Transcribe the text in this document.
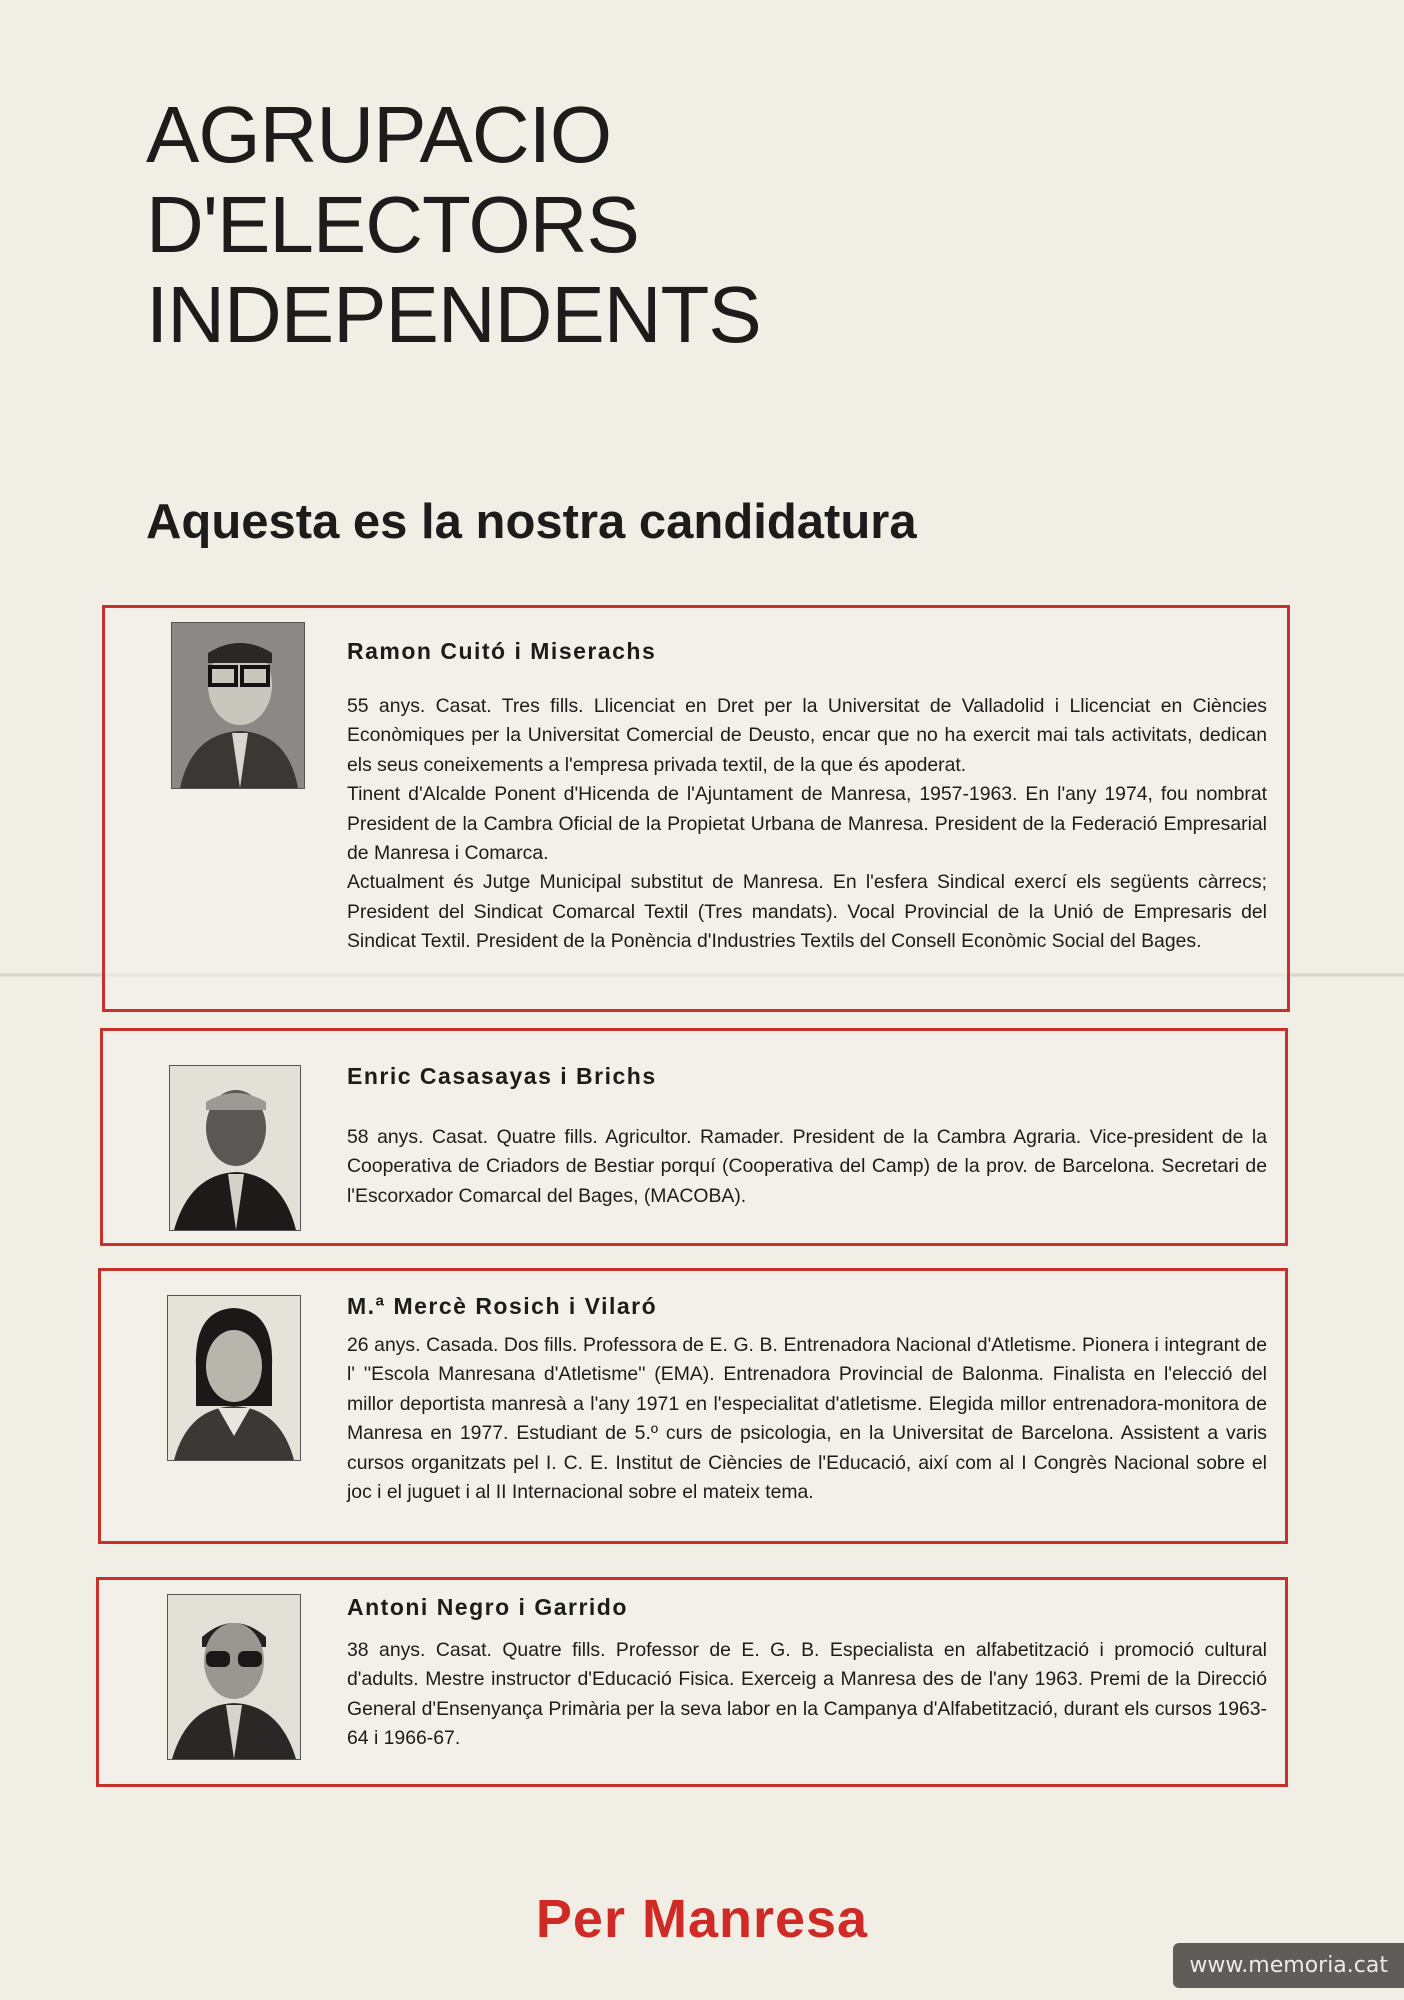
AGRUPACIO
D'ELECTORS
INDEPENDENTS
Aquesta es la nostra candidatura
Ramon Cuitó i Miserachs

55 anys. Casat. Tres fills. Llicenciat en Dret per la Universitat de Valladolid i Llicenciat en Ciències Econòmiques per la Universitat Comercial de Deusto, encar que no ha exercit mai tals activitats, dedican els seus coneixements a l'empresa privada textil, de la que és apoderat.

Tinent d'Alcalde Ponent d'Hicenda de l'Ajuntament de Manresa, 1957-1963. En l'any 1974, fou nombrat President de la Cambra Oficial de la Propietat Urbana de Manresa. President de la Federació Empresarial de Manresa i Comarca.

Actualment és Jutge Municipal substitut de Manresa. En l'esfera Sindical exercí els següents càrrecs; President del Sindicat Comarcal Textil (Tres mandats). Vocal Provincial de la Unió de Empresaris del Sindicat Textil. President de la Ponència d'Industries Textils del Consell Econòmic Social del Bages.

Enric Casasayas i Brichs

58 anys. Casat. Quatre fills. Agricultor. Ramader. President de la Cambra Agraria. Vice-president de la Cooperativa de Criadors de Bestiar porquí (Cooperativa del Camp) de la prov. de Barcelona. Secretari de l'Escorxador Comarcal del Bages, (MACOBA).

M.ª Mercè Rosich i Vilaró

26 anys. Casada. Dos fills. Professora de E. G. B. Entrenadora Nacional d'Atletisme. Pionera i integrant de l' ''Escola Manresana d'Atletisme'' (EMA). Entrenadora Provincial de Balonma. Finalista en l'elecció del millor deportista manresà a l'any 1971 en l'especialitat d'atletisme. Elegida millor entrenadora-monitora de Manresa en 1977. Estudiant de 5.º curs de psicologia, en la Universitat de Barcelona. Assistent a varis cursos organitzats pel I. C. E. Institut de Ciències de l'Educació, així com al I Congrès Nacional sobre el joc i el juguet i al II Internacional sobre el mateix tema.

Antoni Negro i Garrido

38 anys. Casat. Quatre fills. Professor de E. G. B. Especialista en alfabetització i promoció cultural d'adults. Mestre instructor d'Educació Fisica. Exerceig a Manresa des de l'any 1963. Premi de la Direcció General d'Ensenyança Primària per la seva labor en la Campanya d'Alfabetització, durant els cursos 1963-64 i 1966-67.

Per Manresa
www.memoria.cat
